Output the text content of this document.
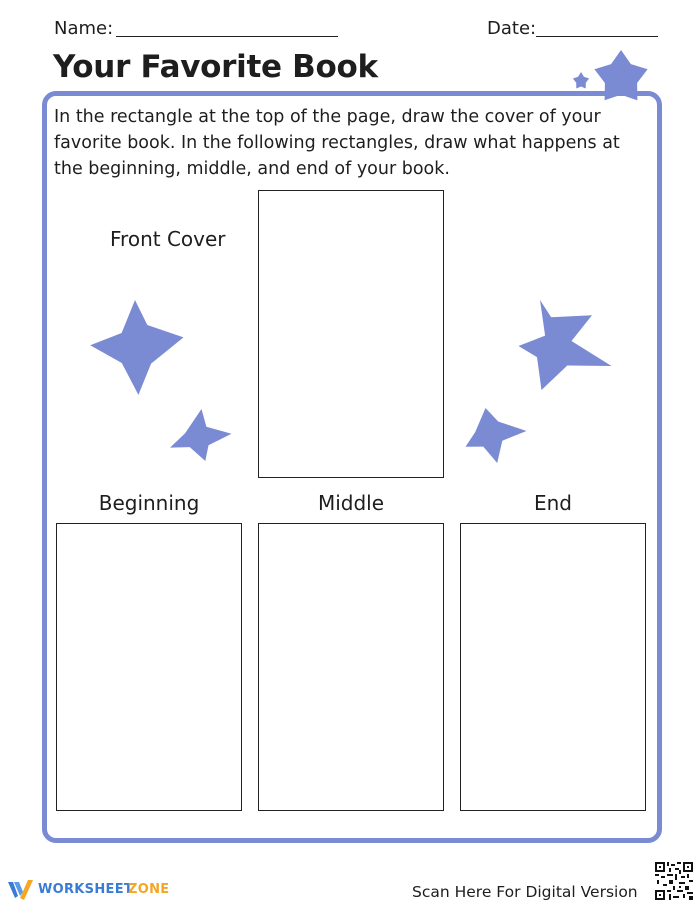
Name:	Date:
Your Favorite Book
In the rectangle at the top of the page, draw the cover of your favorite book. In the following rectangles, draw what happens at the beginning, middle, and end of your book.
Front Cover
Beginning	Middle	End
WORKSHEET
ZONE	Scan Here For Digital Version
